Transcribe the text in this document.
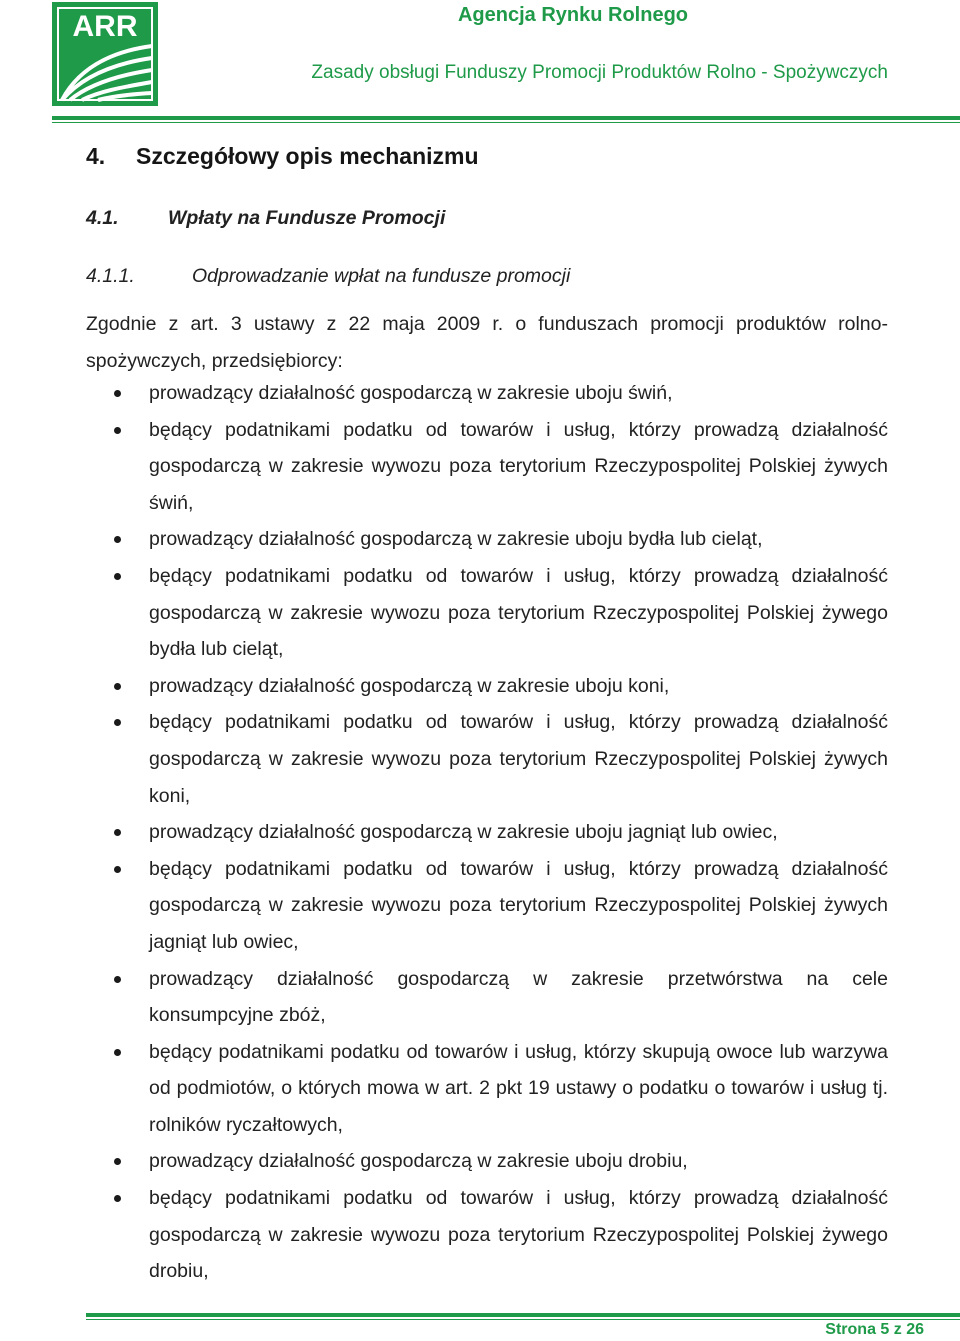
ARR	Agencja Rynku Rolnego
Zasady obsługi Funduszy Promocji Produktów Rolno - Spożywczych
4. Szczegółowy opis mechanizmu
4.1.	Wpłaty na Fundusze Promocji
4.1.1.	Odprowadzanie wpłat na fundusze promocji

Zgodnie z art. 3 ustawy z 22 maja 2009 r. o funduszach promocji produktów rolno-spożywczych, przedsiębiorcy:

prowadzący działalność gospodarczą w zakresie uboju świń,
będący podatnikami podatku od towarów i usług, którzy prowadzą działalność gospodarczą w zakresie wywozu poza terytorium Rzeczypospolitej Polskiej żywych świń,
prowadzący działalność gospodarczą w zakresie uboju bydła lub cieląt,
będący podatnikami podatku od towarów i usług, którzy prowadzą działalność gospodarczą w zakresie wywozu poza terytorium Rzeczypospolitej Polskiej żywego bydła lub cieląt,
prowadzący działalność gospodarczą w zakresie uboju koni,
będący podatnikami podatku od towarów i usług, którzy prowadzą działalność gospodarczą w zakresie wywozu poza terytorium Rzeczypospolitej Polskiej żywych koni,
prowadzący działalność gospodarczą w zakresie uboju jagniąt lub owiec,
będący podatnikami podatku od towarów i usług, którzy prowadzą działalność gospodarczą w zakresie wywozu poza terytorium Rzeczypospolitej Polskiej żywych jagniąt lub owiec,
prowadzący działalność gospodarczą w zakresie przetwórstwa na cele konsumpcyjne zbóż,
będący podatnikami podatku od towarów i usług, którzy skupują owoce lub warzywa od podmiotów, o których mowa w art. 2 pkt 19 ustawy o podatku o towarów i usług tj. rolników ryczałtowych,
prowadzący działalność gospodarczą w zakresie uboju drobiu,
będący podatnikami podatku od towarów i usług, którzy prowadzą działalność gospodarczą w zakresie wywozu poza terytorium Rzeczypospolitej Polskiej żywego drobiu,
Strona 5 z 26
